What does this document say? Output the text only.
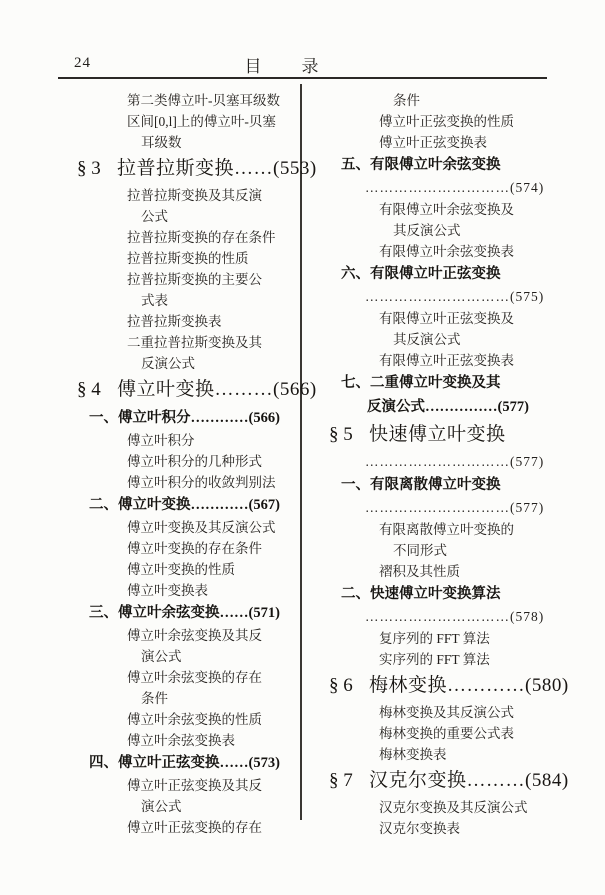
24	目　　录
第二类傅立叶-贝塞耳级数
区间[0,l]上的傅立叶-贝塞
耳级数
§ 3 拉普拉斯变换……(553)
拉普拉斯变换及其反演
公式
拉普拉斯变换的存在条件
拉普拉斯变换的性质
拉普拉斯变换的主要公
式表
拉普拉斯变换表
二重拉普拉斯变换及其
反演公式
§ 4 傅立叶变换………(566)
一、傅立叶积分…………(566)
傅立叶积分
傅立叶积分的几种形式
傅立叶积分的收敛判别法
二、傅立叶变换…………(567)
傅立叶变换及其反演公式
傅立叶变换的存在条件
傅立叶变换的性质
傅立叶变换表
三、傅立叶余弦变换……(571)
傅立叶余弦变换及其反
演公式
傅立叶余弦变换的存在
条件
傅立叶余弦变换的性质
傅立叶余弦变换表
四、傅立叶正弦变换……(573)
傅立叶正弦变换及其反
演公式
傅立叶正弦变换的存在
条件
傅立叶正弦变换的性质
傅立叶正弦变换表
五、有限傅立叶余弦变换
…………………………(574)
有限傅立叶余弦变换及
其反演公式
有限傅立叶余弦变换表
六、有限傅立叶正弦变换
…………………………(575)
有限傅立叶正弦变换及
其反演公式
有限傅立叶正弦变换表
七、二重傅立叶变换及其
反演公式……………(577)
§ 5 快速傅立叶变换
…………………………(577)
一、有限离散傅立叶变换
…………………………(577)
有限离散傅立叶变换的
不同形式
褶积及其性质
二、快速傅立叶变换算法
…………………………(578)
复序列的 FFT 算法
实序列的 FFT 算法
§ 6 梅林变换…………(580)
梅林变换及其反演公式
梅林变换的重要公式表
梅林变换表
§ 7 汉克尔变换………(584)
汉克尔变换及其反演公式
汉克尔变换表
